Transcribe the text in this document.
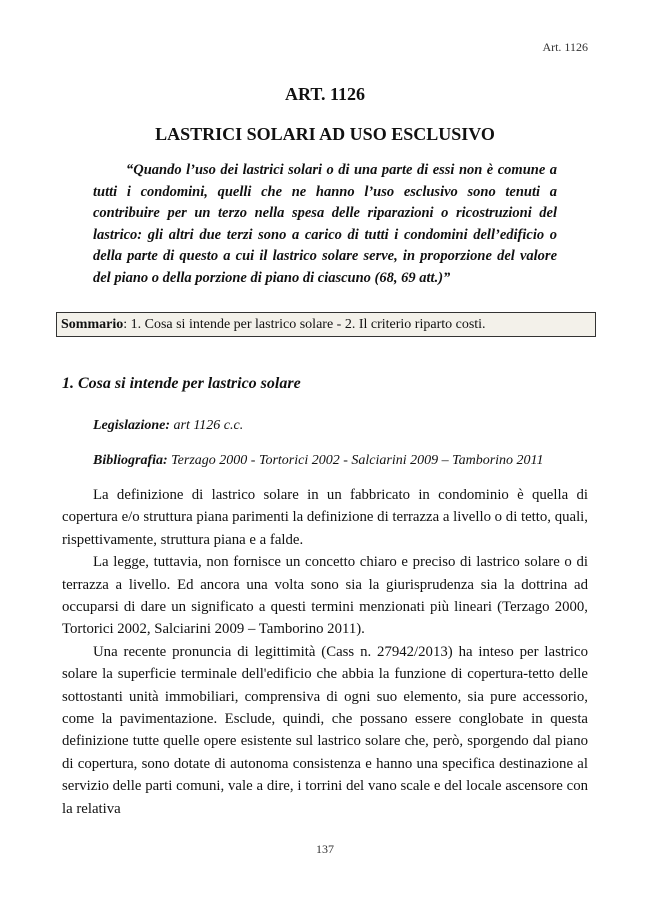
Art. 1126
ART. 1126
LASTRICI SOLARI AD USO ESCLUSIVO
“Quando l’uso dei lastrici solari o di una parte di essi non è comune a tutti i condomini, quelli che ne hanno l’uso esclusivo sono tenuti a contribuire per un terzo nella spesa delle riparazioni o ricostruzioni del lastrico: gli altri due terzi sono a carico di tutti i condomini dell’edificio o della parte di questo a cui il lastrico solare serve, in proporzione del valore del piano o della porzione di piano di ciascuno (68, 69 att.)”
Sommario: 1. Cosa si intende per lastrico solare - 2. Il criterio riparto costi.
1. Cosa si intende per lastrico solare
Legislazione: art 1126 c.c.
Bibliografia: Terzago 2000 - Tortorici 2002 - Salciarini 2009 – Tamborino 2011

La definizione di lastrico solare in un fabbricato in condominio è quella di copertura e/o struttura piana parimenti la definizione di terrazza a livello o di tetto, quali, rispettivamente, struttura piana e a falde.

La legge, tuttavia, non fornisce un concetto chiaro e preciso di lastrico solare o di terrazza a livello. Ed ancora una volta sono sia la giurisprudenza sia la dottrina ad occuparsi di dare un significato a questi termini menzionati più lineari (Terzago 2000, Tortorici 2002, Salciarini 2009 – Tamborino 2011).

Una recente pronuncia di legittimità (Cass n. 27942/2013) ha inteso per lastrico solare la superficie terminale dell'edificio che abbia la funzione di copertura-tetto delle sottostanti unità immobiliari, comprensiva di ogni suo elemento, sia pure accessorio, come la pavimentazione. Esclude, quindi, che possano essere conglobate in questa definizione tutte quelle opere esistente sul lastrico solare che, però, sporgendo dal piano di copertura, sono dotate di autonoma consistenza e hanno una specifica destinazione al servizio delle parti comuni, vale a dire, i torrini del vano scale e del locale ascensore con la relativa

137
